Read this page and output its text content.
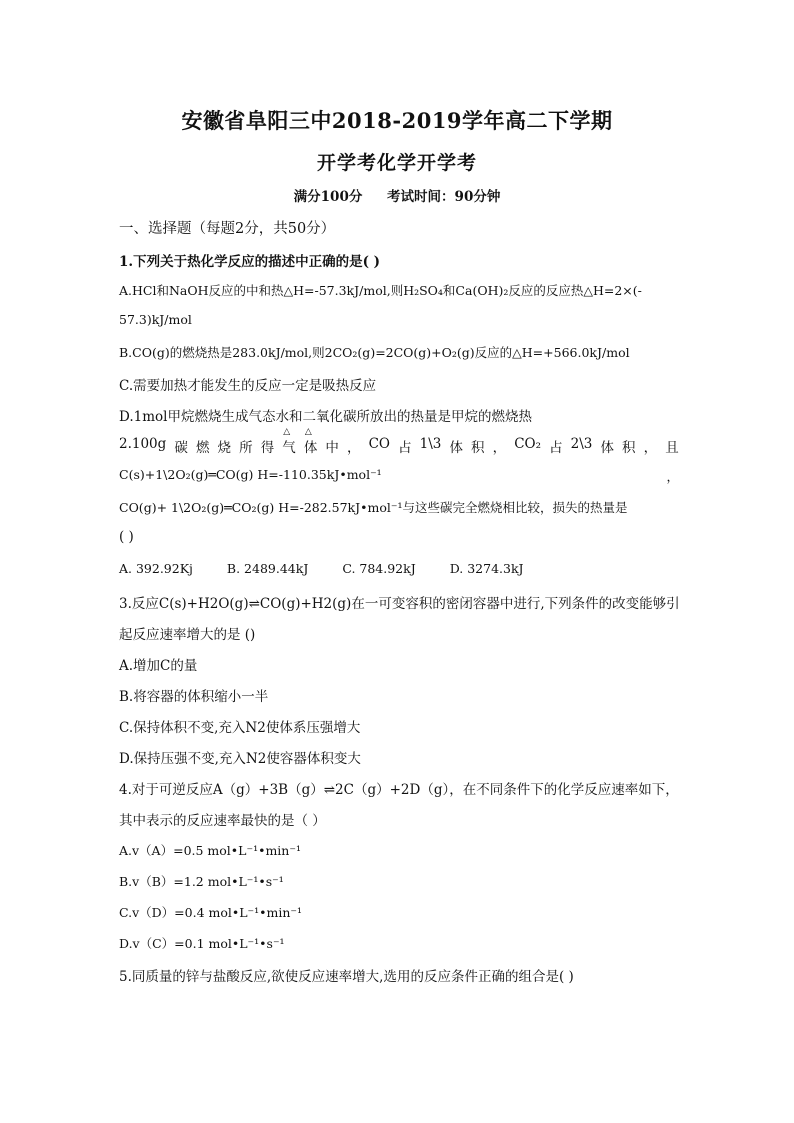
安徽省阜阳三中2018-2019学年高二下学期
开学考化学开学考
满分100分 考试时间：90分钟
一、选择题（每题2分，共50分）
1.下列关于热化学反应的描述中正确的是( )
A.HCl和NaOH反应的中和热△H=-57.3kJ/mol,则H₂SO₄和Ca(OH)₂反应的反应热△H=2×(-
57.3)kJ/mol
B.CO(g)的燃烧热是283.0kJ/mol,则2CO₂(g)=2CO(g)+O₂(g)反应的△H=+566.0kJ/mol
C.需要加热才能发生的反应一定是吸热反应
D.1mol甲烷燃烧生成气态水和二氧化碳所放出的热量是甲烷的燃烧热
2.100g 碳 燃 烧 所 得 △ 气 △ 体 中 ， CO 占 1\3 体 积 ， CO₂ 占 2\3 体 积 ， 且
C(s)+1\2O₂(g)═CO(g) H=-110.35kJ•mol⁻¹	，
CO(g)+ 1\2O₂(g)═CO₂(g) H=-282.57kJ•mol⁻¹与这些碳完全燃烧相比较，损失的热量是
( )
A. 392.92Kj	B. 2489.44kJ	C. 784.92kJ	D. 3274.3kJ
3.反应C(s)+H2O(g)⇌CO(g)+H2(g)在一可变容积的密闭容器中进行,下列条件的改变能够引
起反应速率增大的是 ()
A.增加C的量
B.将容器的体积缩小一半
C.保持体积不变,充入N2使体系压强增大
D.保持压强不变,充入N2使容器体积变大
4.对于可逆反应A（g）+3B（g）⇌2C（g）+2D（g），在不同条件下的化学反应速率如下，
其中表示的反应速率最快的是（ ）
A.v（A）=0.5 mol•L⁻¹•min⁻¹
B.v（B）=1.2 mol•L⁻¹•s⁻¹
C.v（D）=0.4 mol•L⁻¹•min⁻¹
D.v（C）=0.1 mol•L⁻¹•s⁻¹
5.同质量的锌与盐酸反应,欲使反应速率增大,选用的反应条件正确的组合是( )
